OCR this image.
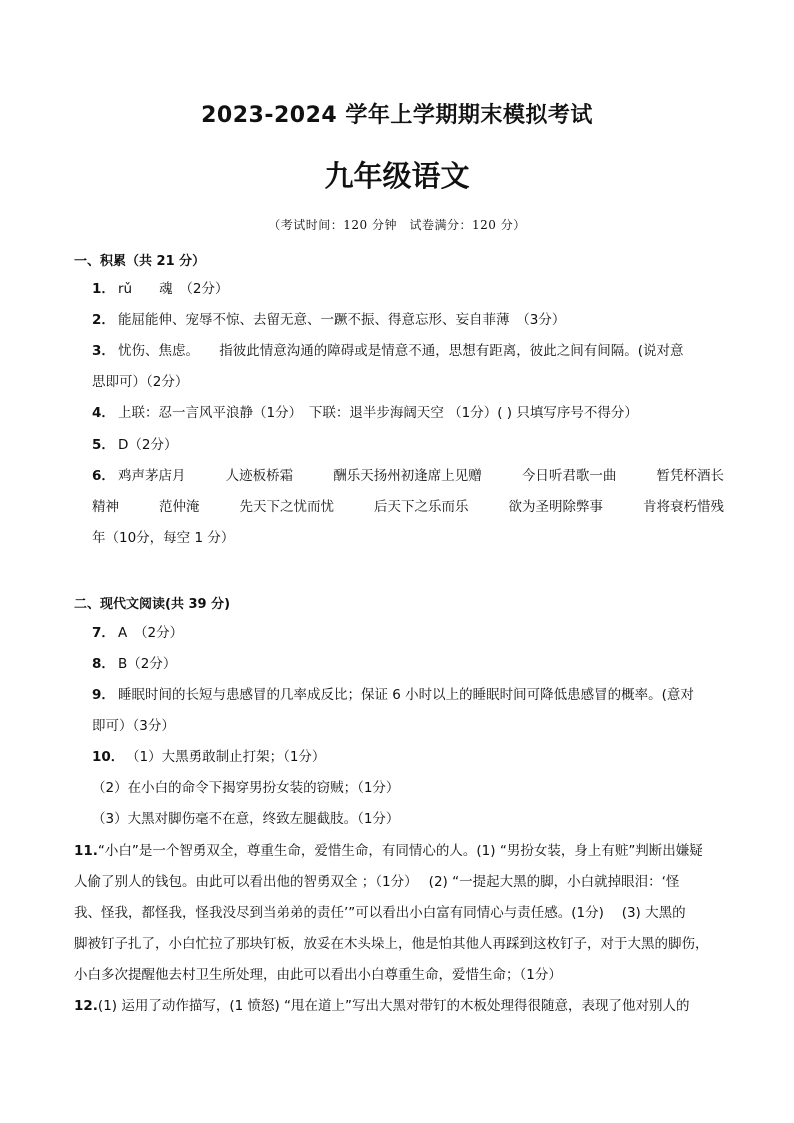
2023-2024 学年上学期期末模拟考试
九年级语文
（考试时间：120 分钟　试卷满分：120 分）
一、积累（共 21 分）
1． rǔ　　魂　（2分）
2． 能屈能伸、宠辱不惊、去留无意、一蹶不振、得意忘形、妄自菲薄　（3分）
3． 忧伤、焦虑。　　指彼此情意沟通的障碍或是情意不通，思想有距离，彼此之间有间隔。(说对意
思即可）（2分）
4． 上联：忍一言风平浪静（1分）　下联：退半步海阔天空 （1分）( ) 只填写序号不得分）
5． D（2分）
6． 鸡声茅店月	人迹板桥霜	酬乐天扬州初逢席上见赠	今日听君歌一曲	暂凭杯酒长
精神	范仲淹	先天下之忧而忧	后天下之乐而乐	欲为圣明除弊事	肯将衰朽惜残
年（10分，每空 1 分）
二、现代文阅读(共 39 分)
7． A　（2分）
8． B（2分）
9． 睡眠时间的长短与患感冒的几率成反比；保证 6 小时以上的睡眠时间可降低患感冒的概率。(意对
即可）（3分）
10． （1）大黑勇敢制止打架；（1分）
（2）在小白的命令下揭穿男扮女装的窃贼；（1分）
（3）大黑对脚伤毫不在意，终致左腿截肢。（1分）
11.“小白”是一个智勇双全，尊重生命，爱惜生命，有同情心的人。(1) “男扮女装，身上有赃”判断出嫌疑
人偷了别人的钱包。由此可以看出他的智勇双全 ；（1分）　 (2) “一提起大黑的脚，小白就掉眼泪：‘怪
我、怪我，都怪我，怪我没尽到当弟弟的责任’”可以看出小白富有同情心与责任感。(1分)　 (3) 大黑的
脚被钉子扎了，小白忙拉了那块钉板，放妥在木头垛上，他是怕其他人再踩到这枚钉子，对于大黑的脚伤，
小白多次提醒他去村卫生所处理，由此可以看出小白尊重生命，爱惜生命；（1分）
12.(1) 运用了动作描写，(1 愤怒) “甩在道上”写出大黑对带钉的木板处理得很随意，表现了他对别人的
